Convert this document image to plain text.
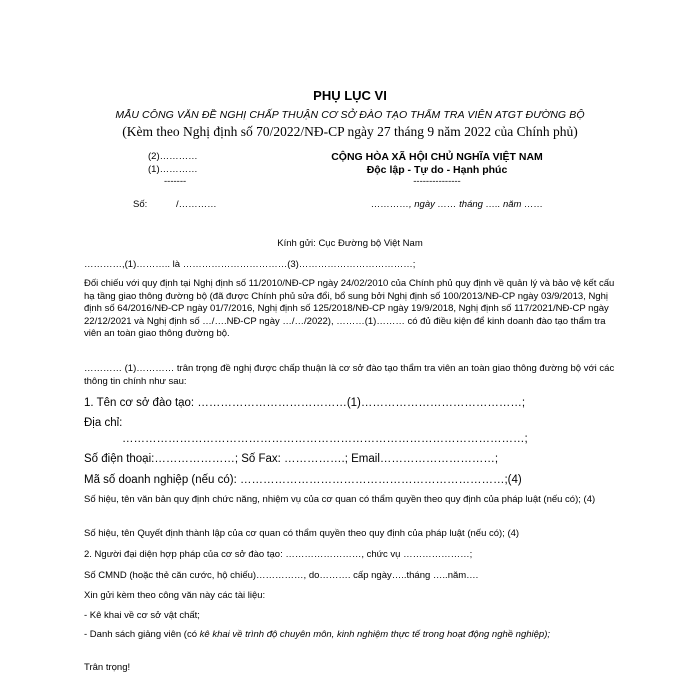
PHỤ LỤC VI
MẪU CÔNG VĂN ĐỀ NGHỊ CHẤP THUẬN CƠ SỞ ĐÀO TẠO THẨM TRA VIÊN ATGT ĐƯỜNG BỘ
(Kèm theo Nghị định số 70/2022/NĐ-CP ngày 27 tháng 9 năm 2022 của Chính phủ)
(2)…………
(1)…………
-------
CỘNG HÒA XÃ HỘI CHỦ NGHĨA VIỆT NAM
Độc lập - Tự do - Hạnh phúc
---------------
Số:	/…………	…………, ngày …… tháng ….. năm ……
Kính gửi: Cục Đường bộ Việt Nam
…………,(1)……….. là ……………………………(3)………………………………;
Đối chiếu với quy định tại Nghị định số 11/2010/NĐ-CP ngày 24/02/2010 của Chính phủ quy định về quản lý và bảo vệ kết cấu hạ tầng giao thông đường bộ (đã được Chính phủ sửa đổi, bổ sung bởi Nghị định số 100/2013/NĐ-CP ngày 03/9/2013, Nghị định số 64/2016/NĐ-CP ngày 01/7/2016, Nghị định số 125/2018/NĐ-CP ngày 19/9/2018, Nghị định số 117/2021/NĐ-CP ngày 22/12/2021 và Nghị định số …/….NĐ-CP ngày …/…/2022), ………(1)……… có đủ điều kiện để kinh doanh đào tạo thẩm tra viên an toàn giao thông đường bộ.
………… (1)………… trân trọng đề nghị được chấp thuận là cơ sở đào tạo thẩm tra viên an toàn giao thông đường bộ với các thông tin chính như sau:
1. Tên cơ sở đào tạo: …………………………………(1)……………………………………;
Địa chỉ:
……………………………………………………………………………………………;
Số điện thoại:…………………; Số Fax: …………….; Email…………………………;
Mã số doanh nghiệp (nếu có): ……………………………………………………………;(4)
Số hiệu, tên văn bản quy định chức năng, nhiệm vụ của cơ quan có thẩm quyền theo quy định của pháp luật (nếu có); (4)
Số hiệu, tên Quyết định thành lập của cơ quan có thẩm quyền theo quy định của pháp luật (nếu có); (4)
2. Người đại diện hợp pháp của cơ sở đào tạo: ……………………, chức vụ …………………;
Số CMND (hoặc thẻ căn cước, hộ chiếu)……………, do………. cấp ngày…..tháng …..năm….
Xin gửi kèm theo công văn này các tài liệu:
- Kê khai về cơ sở vật chất;
- Danh sách giảng viên (có kê khai về trình độ chuyên môn, kinh nghiệm thực tế trong hoạt động nghề nghiệp);
Trân trọng!
